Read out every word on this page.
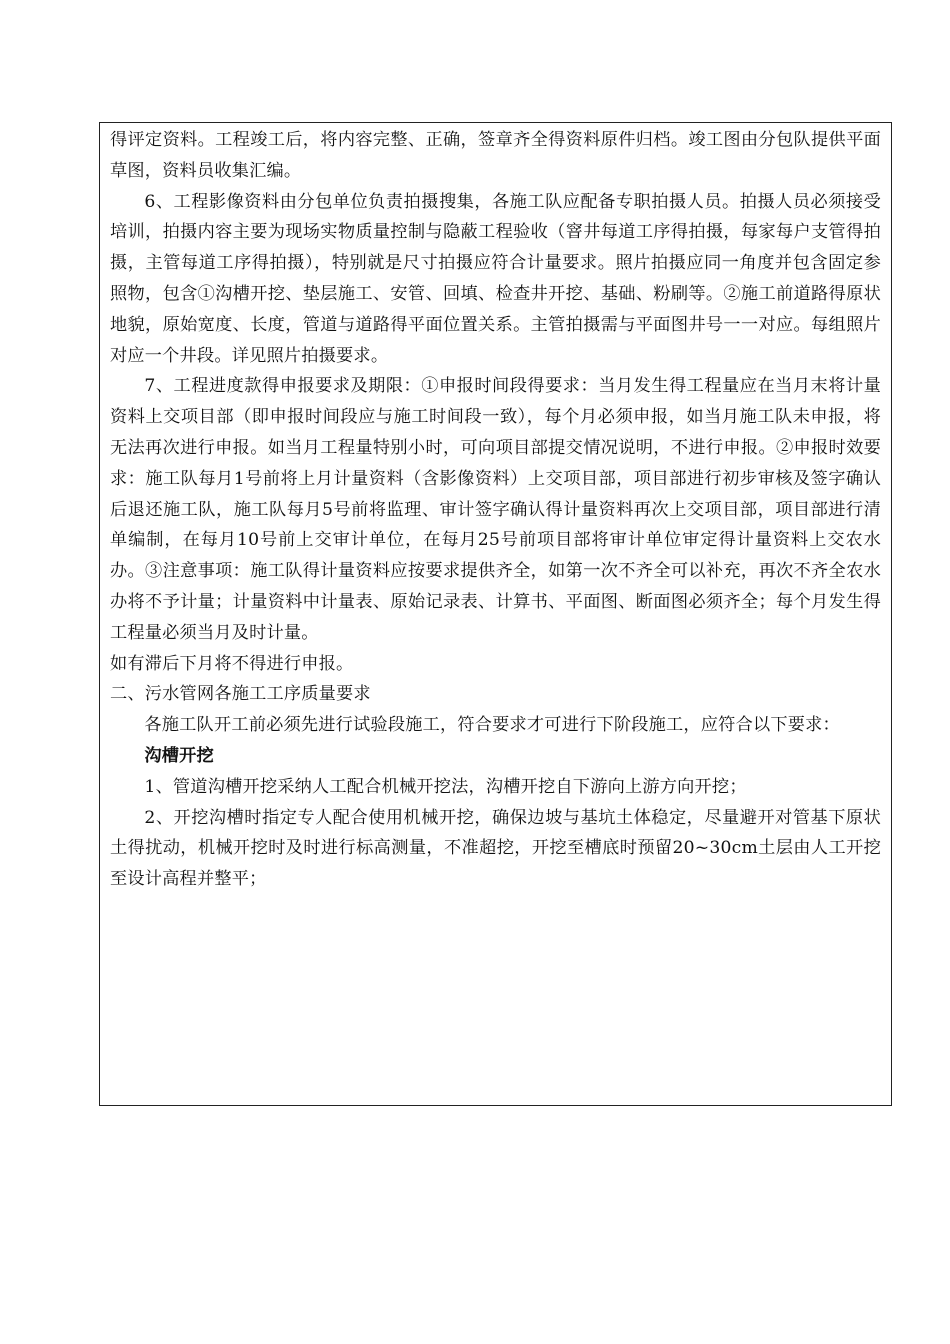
得评定资料。工程竣工后，将内容完整、正确，签章齐全得资料原件归档。竣工图由分包队提供平面草图，资料员收集汇编。

6、工程影像资料由分包单位负责拍摄搜集，各施工队应配备专职拍摄人员。拍摄人员必须接受培训，拍摄内容主要为现场实物质量控制与隐蔽工程验收（窨井每道工序得拍摄，每家每户支管得拍摄，主管每道工序得拍摄），特别就是尺寸拍摄应符合计量要求。照片拍摄应同一角度并包含固定参照物，包含①沟槽开挖、垫层施工、安管、回填、检查井开挖、基础、粉刷等。②施工前道路得原状地貌，原始宽度、长度，管道与道路得平面位置关系。主管拍摄需与平面图井号一一对应。每组照片对应一个井段。详见照片拍摄要求。

7、工程进度款得申报要求及期限：①申报时间段得要求：当月发生得工程量应在当月末将计量资料上交项目部（即申报时间段应与施工时间段一致），每个月必须申报，如当月施工队未申报，将无法再次进行申报。如当月工程量特别小时，可向项目部提交情况说明，不进行申报。②申报时效要求：施工队每月1号前将上月计量资料（含影像资料）上交项目部，项目部进行初步审核及签字确认后退还施工队，施工队每月5号前将监理、审计签字确认得计量资料再次上交项目部，项目部进行清单编制，在每月10号前上交审计单位，在每月25号前项目部将审计单位审定得计量资料上交农水办。③注意事项：施工队得计量资料应按要求提供齐全，如第一次不齐全可以补充，再次不齐全农水办将不予计量；计量资料中计量表、原始记录表、计算书、平面图、断面图必须齐全；每个月发生得工程量必须当月及时计量。

如有滞后下月将不得进行申报。

二、污水管网各施工工序质量要求

各施工队开工前必须先进行试验段施工，符合要求才可进行下阶段施工，应符合以下要求：

沟槽开挖

1、管道沟槽开挖采纳人工配合机械开挖法，沟槽开挖自下游向上游方向开挖；

2、开挖沟槽时指定专人配合使用机械开挖，确保边坡与基坑土体稳定，尽量避开对管基下原状土得扰动，机械开挖时及时进行标高测量，不准超挖，开挖至槽底时预留20~30cm土层由人工开挖至设计高程并整平；
